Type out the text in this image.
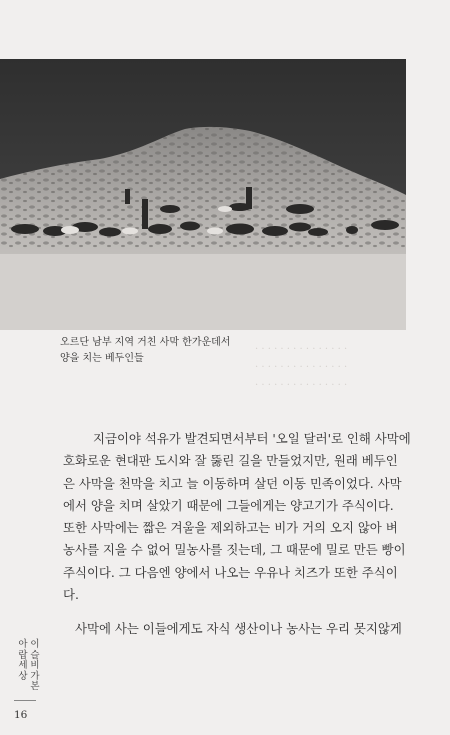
. . . . . . . . . . . . . . .
. . . . . . . . . . . . . . .
. . . . . . . . . . . . . . .
오르단 남부 지역 거친 사막 한가운데서
양을 치는 베두인들
지금이야 석유가 발견되면서부터 '오일 달러'로 인해 사막에
호화로운 현대판 도시와 잘 뚫린 길을 만들었지만, 원래 베두인
은 사막을 천막을 치고 늘 이동하며 살던 이동 민족이었다. 사막
에서 양을 치며 살았기 때문에 그들에게는 양고기가 주식이다.
또한 사막에는 짧은 겨울을 제외하고는 비가 거의 오지 않아 벼
농사를 지을 수 없어 밀농사를 짓는데, 그 때문에 밀로 만든 빵이
주식이다. 그 다음엔 양에서 나오는 우유나 치즈가 또한 주식이
다.
사막에 사는 이들에게도 자식 생산이나 농사는 우리 못지않게
아
랍
세
상
이
슬
비
가
본
16
